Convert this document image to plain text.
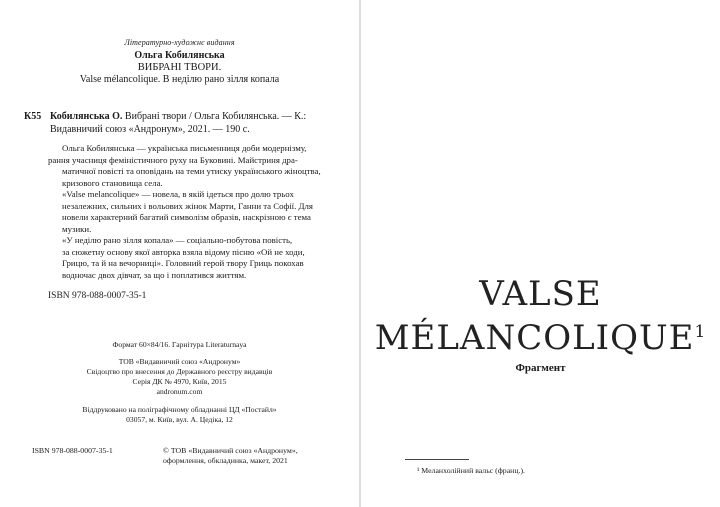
Літературно-художнє видання
Ольга Кобилянська
ВИБРАНІ ТВОРИ.
Valse mélancolique. В неділю рано зілля копала
К55 Кобилянська О. Вибрані твори / Ольга Кобилянська. — К.:
Видавничий союз «Андронум», 2021. — 190 с.

Ольга Кобилянська — українська письменниця доби модернізму,
рання учасниця феміністичного руху на Буковині. Майстриня дра-
матичної повісті та оповідань на теми утиску українського жіноцтва,
кризового становища села.

«Valse melancolique» — новела, в якій ідеться про долю трьох
незалежних, сильних і вольових жінок Марти, Ганни та Софії. Для
новели характерний багатий символізм образів, наскрізною є тема
музики.

«У неділю рано зілля копала» — соціально-побутова повість,
за сюжетну основу якої авторка взяла відому пісню «Ой не ходи,
Грицю, та й на вечорниці». Головний герой твору Гриць покохав
водночас двох дівчат, за що і поплатився життям.

ISBN 978-088-0007-35-1
Формат 60×84/16. Гарнітура Literaturnaya
ТОВ «Видавничий союз «Андронум»
Свідоцтво про внесення до Державного реєстру видавців
Серія ДК № 4970, Київ, 2015
andronum.com
Віддруковано на поліграфічному обладнанні ЦД «Постайл»
03057, м. Київ, вул. А. Цедіка, 12
ISBN 978-088-0007-35-1	© ТОВ «Видавничий союз «Андронум»,
оформлення, обкладинка, макет, 2021
VALSE
MÉLANCOLIQUE$^1$
Фрагмент
¹ Меланхолійний вальс (франц.).
